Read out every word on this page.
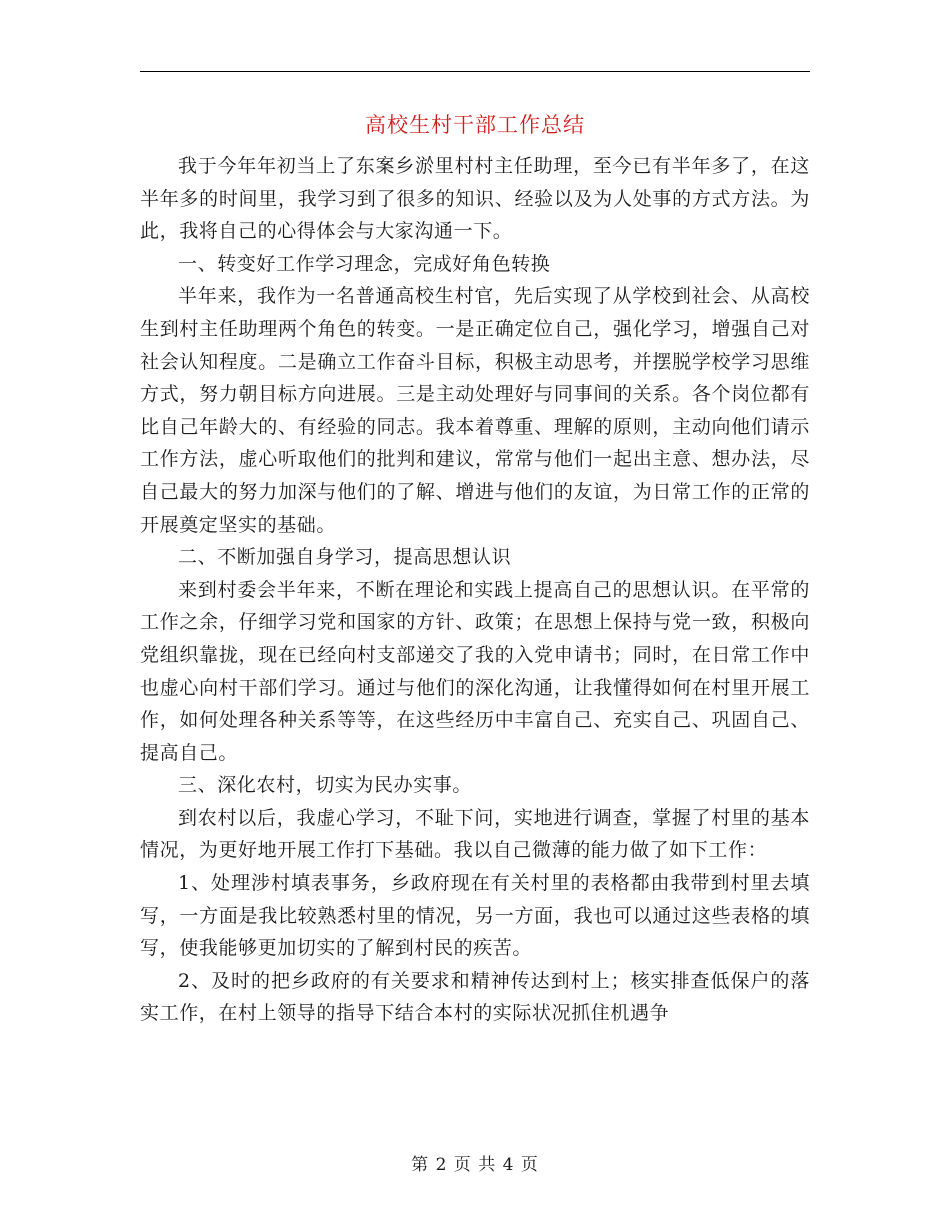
高校生村干部工作总结

我于今年年初当上了东案乡淤里村村主任助理，至今已有半年多了，在这半年多的时间里，我学习到了很多的知识、经验以及为人处事的方式方法。为此，我将自己的心得体会与大家沟通一下。

一、转变好工作学习理念，完成好角色转换

半年来，我作为一名普通高校生村官，先后实现了从学校到社会、从高校生到村主任助理两个角色的转变。一是正确定位自己，强化学习，增强自己对社会认知程度。二是确立工作奋斗目标，积极主动思考，并摆脱学校学习思维方式，努力朝目标方向进展。三是主动处理好与同事间的关系。各个岗位都有比自己年龄大的、有经验的同志。我本着尊重、理解的原则，主动向他们请示工作方法，虚心听取他们的批判和建议，常常与他们一起出主意、想办法，尽自己最大的努力加深与他们的了解、增进与他们的友谊，为日常工作的正常的开展奠定坚实的基础。

二、不断加强自身学习，提高思想认识

来到村委会半年来，不断在理论和实践上提高自己的思想认识。在平常的工作之余，仔细学习党和国家的方针、政策；在思想上保持与党一致，积极向党组织靠拢，现在已经向村支部递交了我的入党申请书；同时，在日常工作中也虚心向村干部们学习。通过与他们的深化沟通，让我懂得如何在村里开展工作，如何处理各种关系等等，在这些经历中丰富自己、充实自己、巩固自己、提高自己。

三、深化农村，切实为民办实事。

到农村以后，我虚心学习，不耻下问，实地进行调查，掌握了村里的基本情况，为更好地开展工作打下基础。我以自己微薄的能力做了如下工作：

1、处理涉村填表事务，乡政府现在有关村里的表格都由我带到村里去填写，一方面是我比较熟悉村里的情况，另一方面，我也可以通过这些表格的填写，使我能够更加切实的了解到村民的疾苦。

2、及时的把乡政府的有关要求和精神传达到村上；核实排查低保户的落实工作，在村上领导的指导下结合本村的实际状况抓住机遇争

第 2 页 共 4 页
